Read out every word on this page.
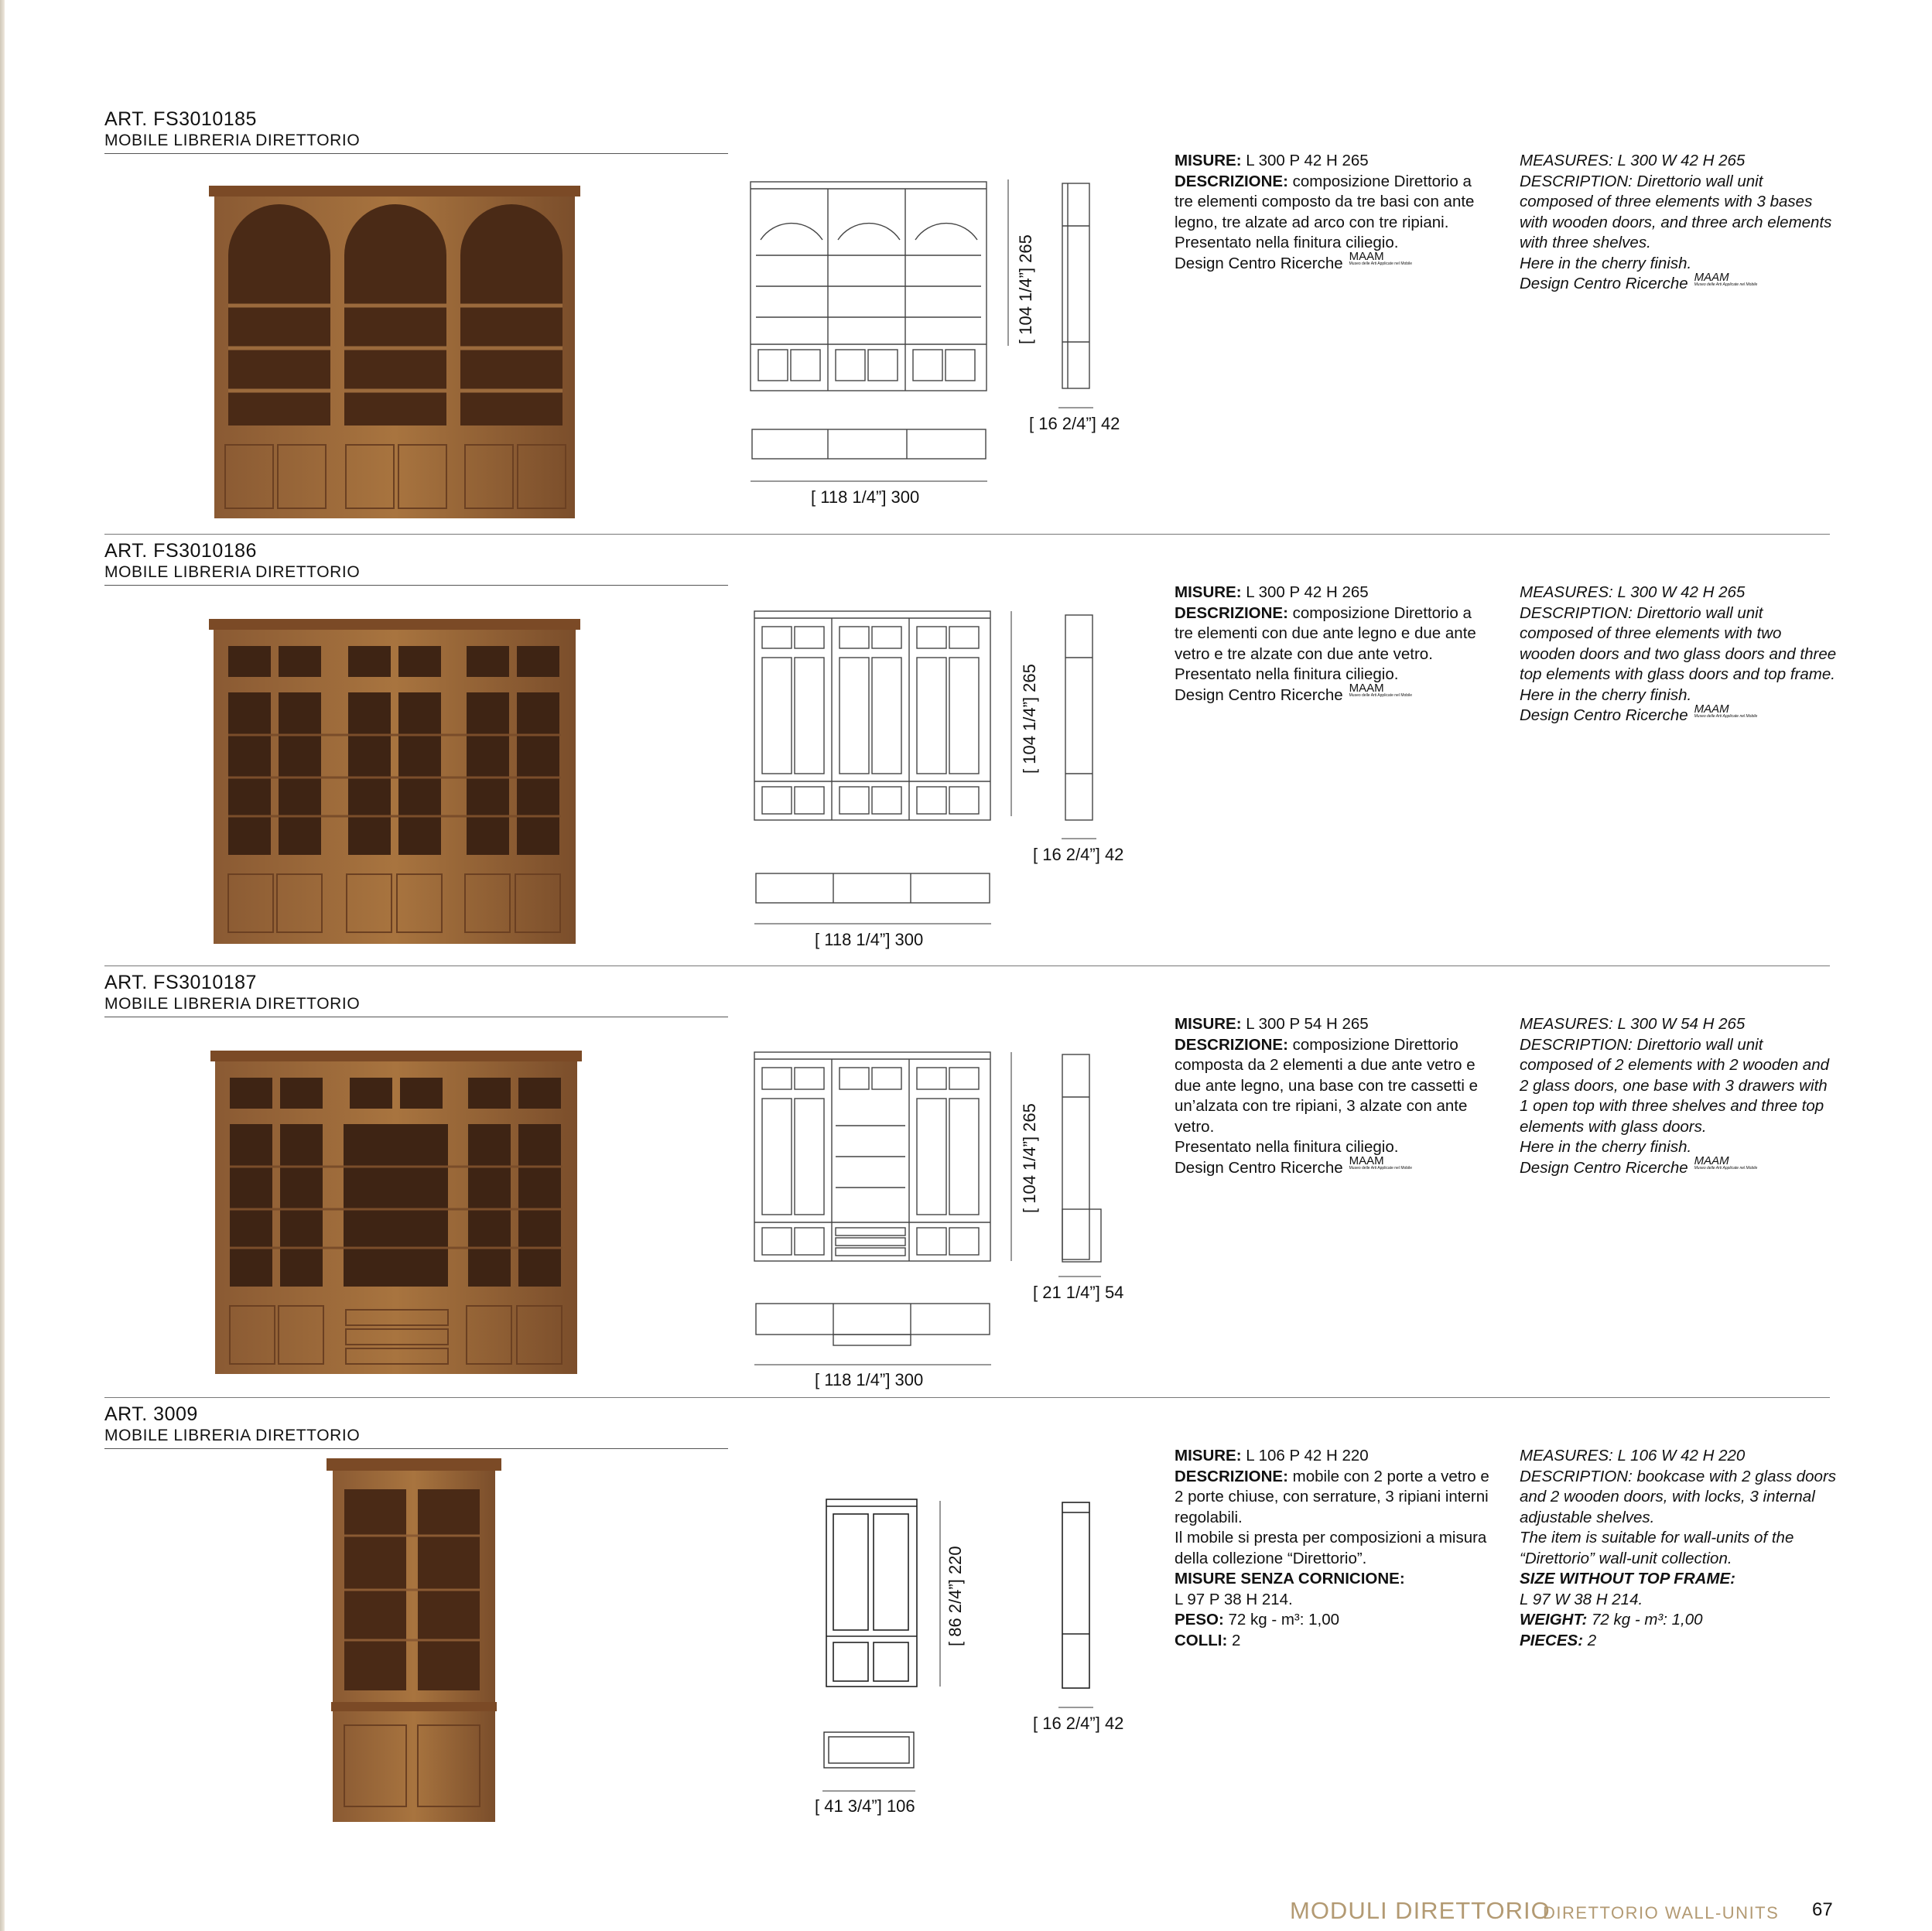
ART. FS3010185
MOBILE LIBRERIA DIRETTORIO
[ 104 1/4”] 265
[ 16 2/4”] 42
[ 118 1/4”] 300

MISURE: L 300 P 42 H 265

DESCRIZIONE: composizione Direttorio a tre elementi composto da tre basi con ante legno, tre alzate ad arco con tre ripiani.

Presentato nella finitura ciliegio.

Design Centro Ricerche MAAM
Museo delle Arti Applicate nel Mobile

MEASURES: L 300 W 42 H 265

DESCRIPTION: Direttorio wall unit composed of three elements with 3 bases with wooden doors, and three arch elements with three shelves.

Here in the cherry finish.

Design Centro Ricerche MAAM
Museo delle Arti Applicate nel Mobile

ART. FS3010186
MOBILE LIBRERIA DIRETTORIO
[ 104 1/4”] 265
[ 16 2/4”] 42
[ 118 1/4”] 300

MISURE: L 300 P 42 H 265

DESCRIZIONE: composizione Direttorio a tre elementi con due ante legno e due ante vetro e tre alzate con due ante vetro.

Presentato nella finitura ciliegio.

Design Centro Ricerche MAAM
Museo delle Arti Applicate nel Mobile

MEASURES: L 300 W 42 H 265

DESCRIPTION: Direttorio wall unit composed of three elements with two wooden doors and two glass doors and three top elements with glass doors and top frame.

Here in the cherry finish.

Design Centro Ricerche MAAM
Museo delle Arti Applicate nel Mobile

ART. FS3010187
MOBILE LIBRERIA DIRETTORIO
[ 104 1/4”] 265
[ 21 1/4”] 54
[ 118 1/4”] 300

MISURE: L 300 P 54 H 265

DESCRIZIONE: composizione Direttorio composta da 2 elementi a due ante vetro e due ante legno, una base con tre cassetti e un’alzata con tre ripiani, 3 alzate con ante vetro.

Presentato nella finitura ciliegio.

Design Centro Ricerche MAAM
Museo delle Arti Applicate nel Mobile

MEASURES: L 300 W 54 H 265

DESCRIPTION: Direttorio wall unit composed of 2 elements with 2 wooden and 2 glass doors, one base with 3 drawers with 1 open top with three shelves and three top elements with glass doors.

Here in the cherry finish.

Design Centro Ricerche MAAM
Museo delle Arti Applicate nel Mobile

ART. 3009
MOBILE LIBRERIA DIRETTORIO
[ 86 2/4”] 220
[ 16 2/4”] 42
[ 41 3/4”] 106

MISURE: L 106 P 42 H 220

DESCRIZIONE: mobile con 2 porte a vetro e 2 porte chiuse, con serrature, 3 ripiani interni regolabili.

Il mobile si presta per composizioni a misura della collezione “Direttorio”.

MISURE SENZA CORNICIONE:

L 97 P 38 H 214.

PESO: 72 kg - m³: 1,00

COLLI: 2

MEASURES: L 106 W 42 H 220

DESCRIPTION: bookcase with 2 glass doors and 2 wooden doors, with locks, 3 internal adjustable shelves.

The item is suitable for wall-units of the “Direttorio” wall-unit collection.

SIZE WITHOUT TOP FRAME:

L 97 W 38 H 214.

WEIGHT: 72 kg - m³: 1,00

PIECES: 2

MODULI DIRETTORIO
DIRETTORIO WALL-UNITS 67
